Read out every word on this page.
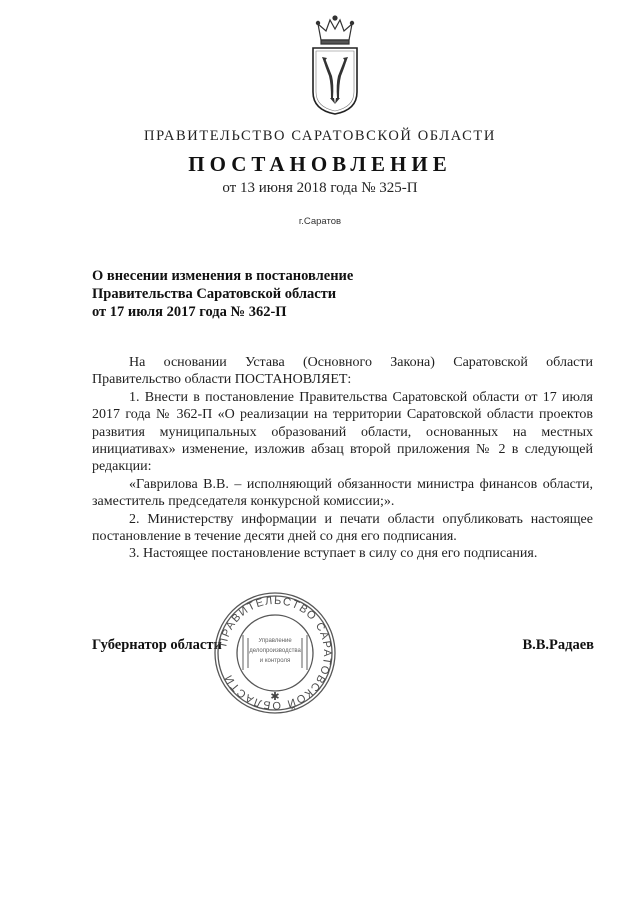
ПРАВИТЕЛЬСТВО САРАТОВСКОЙ ОБЛАСТИ
ПОСТАНОВЛЕНИЕ
от 13 июня 2018 года № 325-П
г.Саратов
О внесении изменения в постановление
Правительства Саратовской области
от 17 июля 2017 года № 362-П

На основании Устава (Основного Закона) Саратовской области Правительство области ПОСТАНОВЛЯЕТ:

1. Внести в постановление Правительства Саратовской области от 17 июля 2017 года № 362-П «О реализации на территории Саратовской области проектов развития муниципальных образований области, основанных на местных инициативах» изменение, изложив абзац второй приложения № 2 в следующей редакции:

«Гаврилова В.В. – исполняющий обязанности министра финансов области, заместитель председателя конкурсной комиссии;».

2. Министерству информации и печати области опубликовать настоящее постановление в течение десяти дней со дня его подписания.

3. Настоящее постановление вступает в силу со дня его подписания.

Губернатор области	В.В.Радаев
ПРАВИТЕЛЬСТВО САРАТОВСКОЙ ОБЛАСТИ
Управление
делопроизводства
и контроля
✱
